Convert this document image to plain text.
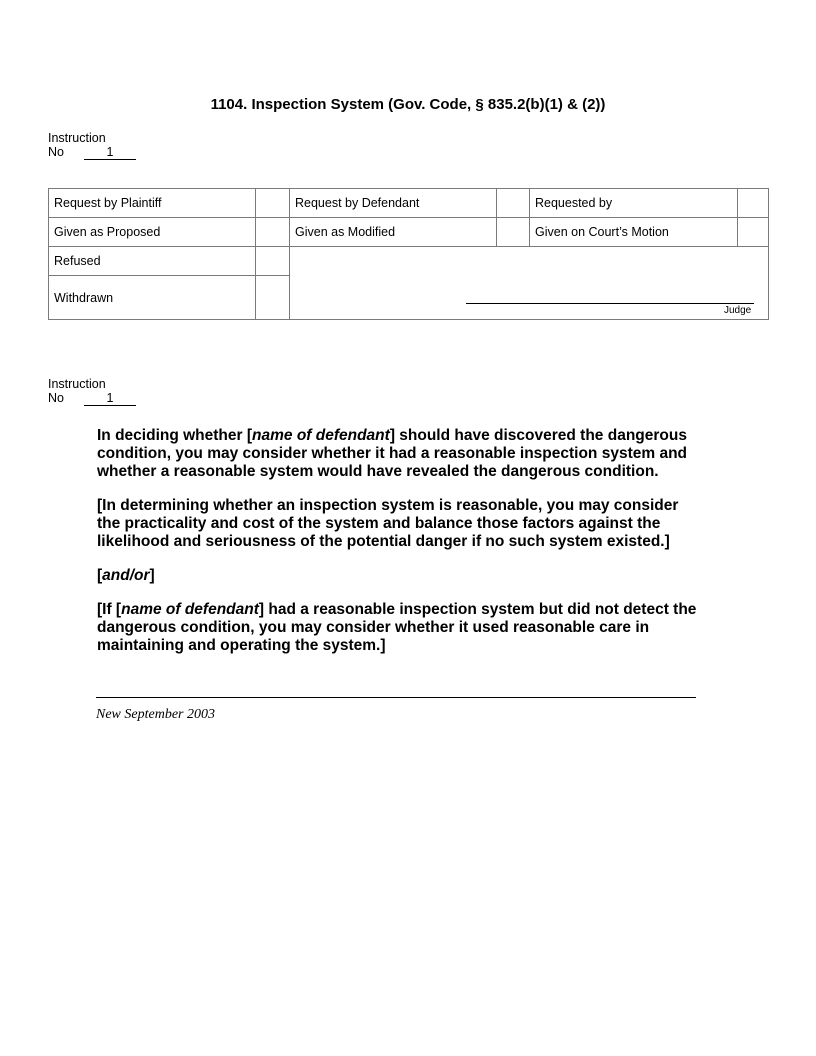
1104. Inspection System (Gov. Code, § 835.2(b)(1) & (2))
Instruction
No	1
Request by Plaintiff		Request by Defendant		Requested by	
Given as Proposed		Given as Modified		Given on Court’s Motion	
Refused					
Withdrawn					
Judge
Instruction
No	1
In deciding whether [name of defendant] should have discovered the dangerous
condition, you may consider whether it had a reasonable inspection system and
whether a reasonable system would have revealed the dangerous condition.
[In determining whether an inspection system is reasonable, you may consider
the practicality and cost of the system and balance those factors against the
likelihood and seriousness of the potential danger if no such system existed.]
[and/or]
[If [name of defendant] had a reasonable inspection system but did not detect the
dangerous condition, you may consider whether it used reasonable care in
maintaining and operating the system.]
New September 2003
